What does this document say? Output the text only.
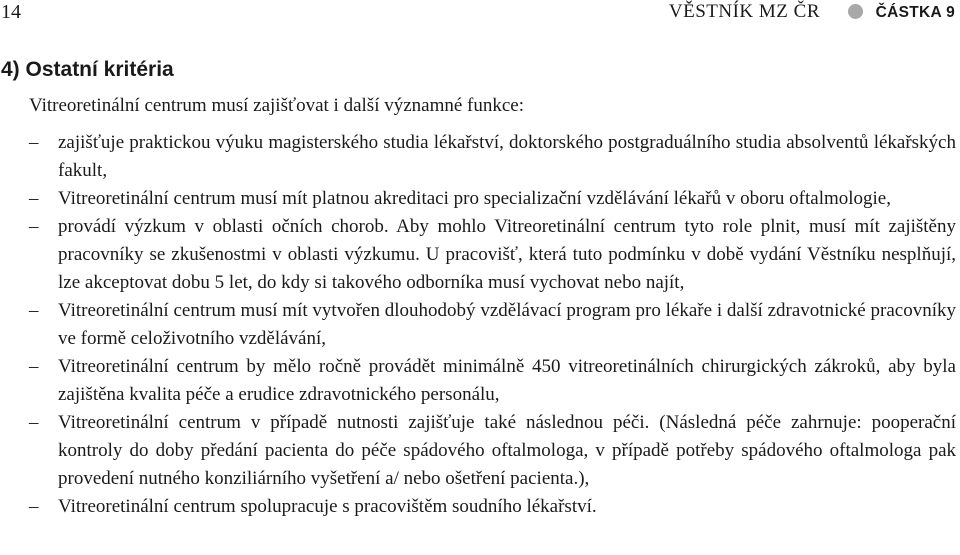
14	VĚSTNÍK MZ ČR	ČÁSTKA 9
4) Ostatní kritéria
Vitreoretinální centrum musí zajišťovat i další významné funkce:
– zajišťuje praktickou výuku magisterského studia lékařství, doktorského postgraduálního studia absolventů lékařských fakult,
– Vitreoretinální centrum musí mít platnou akreditaci pro specializační vzdělávání lékařů v oboru oftalmologie,
– provádí výzkum v oblasti očních chorob. Aby mohlo Vitreoretinální centrum tyto role plnit, musí mít zajištěny pracovníky se zkušenostmi v oblasti výzkumu. U pracovišť, která tuto podmínku v době vydání Věstníku nesplňují, lze akceptovat dobu 5 let, do kdy si takového odborníka musí vychovat nebo najít,
– Vitreoretinální centrum musí mít vytvořen dlouhodobý vzdělávací program pro lékaře i další zdravotnické pracovníky ve formě celoživotního vzdělávání,
– Vitreoretinální centrum by mělo ročně provádět minimálně 450 vitreoretinálních chirurgických zákroků, aby byla zajištěna kvalita péče a erudice zdravotnického personálu,
– Vitreoretinální centrum v případě nutnosti zajišťuje také následnou péči. (Následná péče zahrnuje: pooperační kontroly do doby předání pacienta do péče spádového oftalmologa, v případě potřeby spádového oftalmologa pak provedení nutného konziliárního vyšetření a/ nebo ošetření pacienta.),
– Vitreoretinální centrum spolupracuje s pracovištěm soudního lékařství.
